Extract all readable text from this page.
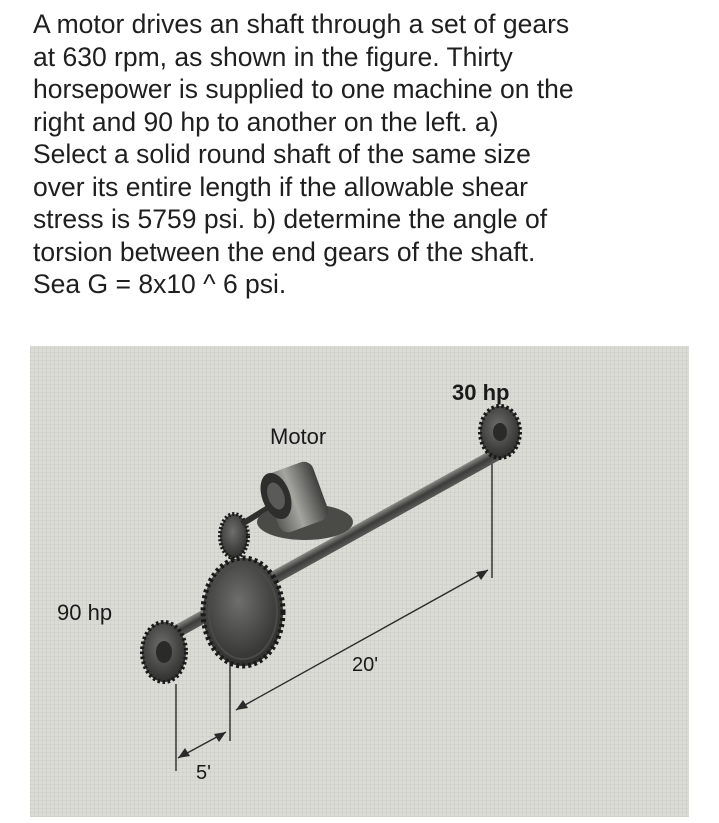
A motor drives an shaft through a set of gears
at 630 rpm, as shown in the figure. Thirty
horsepower is supplied to one machine on the
right and 90 hp to another on the left. a)
Select a solid round shaft of the same size
over its entire length if the allowable shear
stress is 5759 psi. b) determine the angle of
torsion between the end gears of the shaft.
Sea G = 8x10 ^ 6 psi.
30 hp
Motor
90 hp
20'
5'
